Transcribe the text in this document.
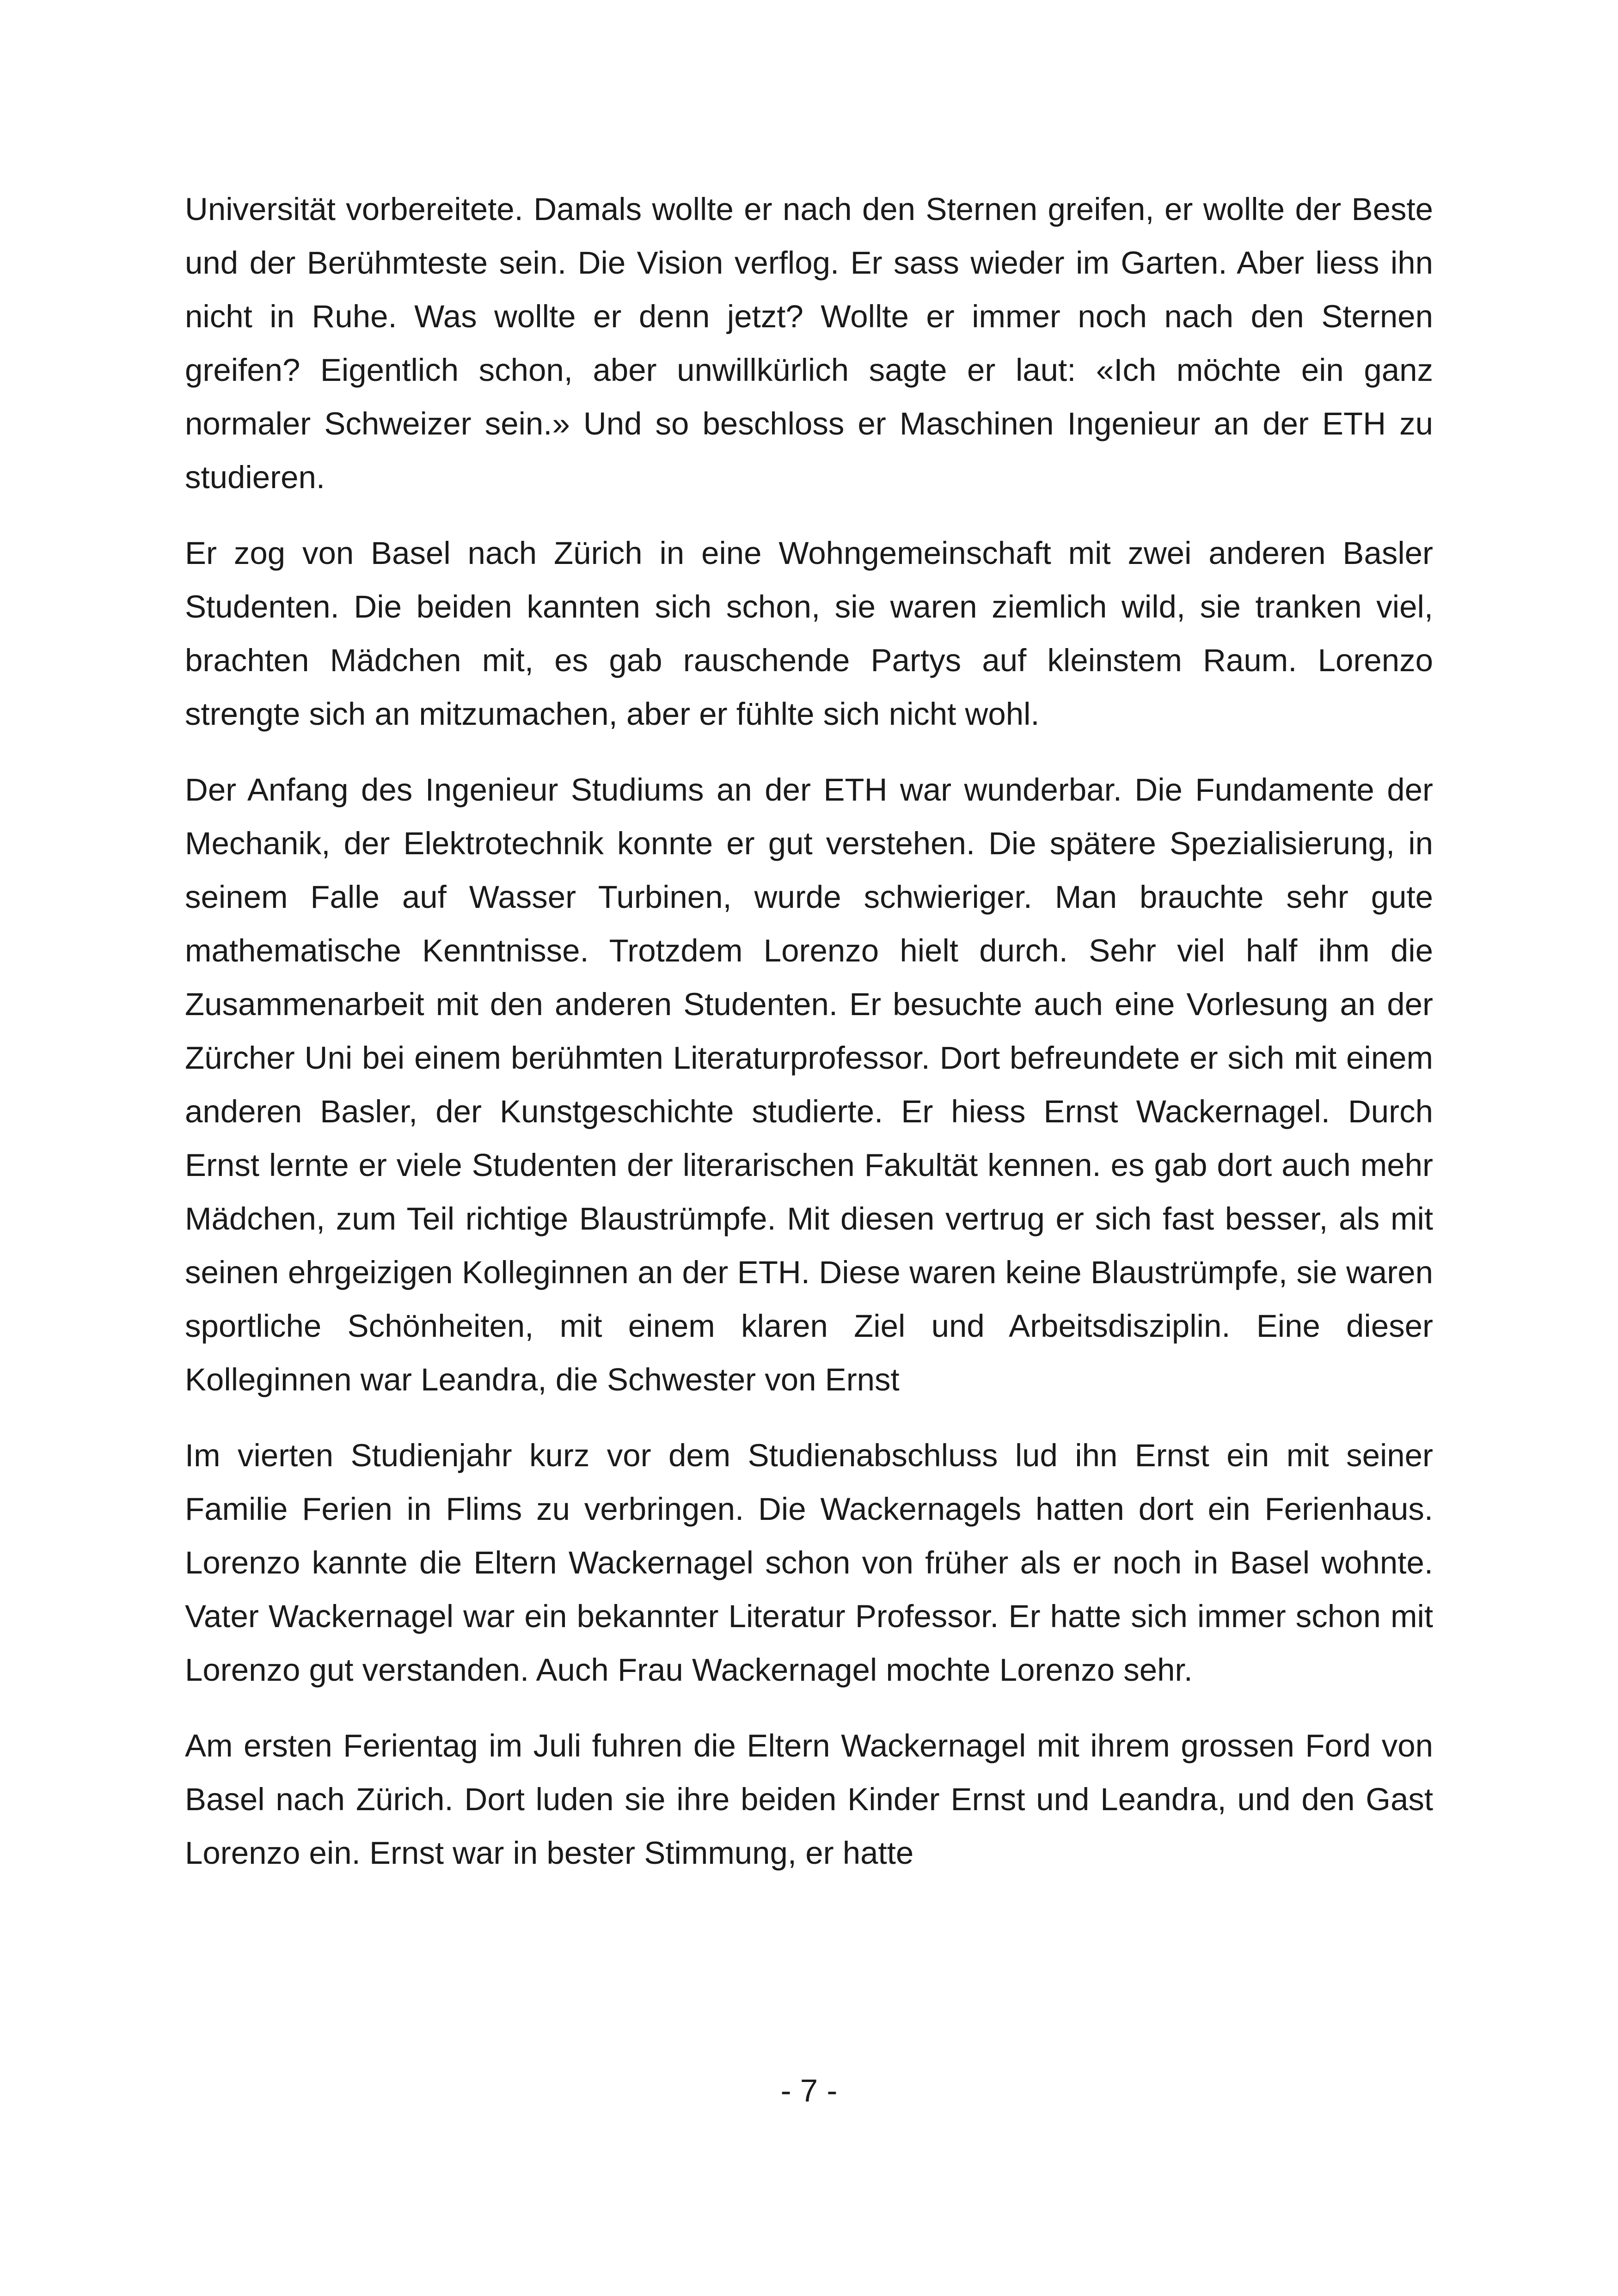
Universität vorbereitete. Damals wollte er nach den Sternen greifen, er wollte der Beste und der Berühmteste sein. Die Vision verflog. Er sass wieder im Garten. Aber liess ihn nicht in Ruhe. Was wollte er denn jetzt? Wollte er immer noch nach den Sternen greifen? Eigentlich schon, aber unwillkürlich sagte er laut: «Ich möchte ein ganz normaler Schweizer sein.» Und so beschloss er Maschinen Ingenieur an der ETH zu studieren.

Er zog von Basel nach Zürich in eine Wohngemeinschaft mit zwei anderen Basler Studenten. Die beiden kannten sich schon, sie waren ziemlich wild, sie tranken viel, brachten Mädchen mit, es gab rauschende Partys auf kleinstem Raum. Lorenzo strengte sich an mitzumachen, aber er fühlte sich nicht wohl.

Der Anfang des Ingenieur Studiums an der ETH war wunderbar. Die Fundamente der Mechanik, der Elektrotechnik konnte er gut verstehen. Die spätere Spezialisierung, in seinem Falle auf Wasser Turbinen, wurde schwieriger. Man brauchte sehr gute mathematische Kenntnisse. Trotzdem Lorenzo hielt durch. Sehr viel half ihm die Zusammenarbeit mit den anderen Studenten. Er besuchte auch eine Vorlesung an der Zürcher Uni bei einem berühmten Literaturprofessor. Dort befreundete er sich mit einem anderen Basler, der Kunstgeschichte studierte. Er hiess Ernst Wackernagel. Durch Ernst lernte er viele Studenten der literarischen Fakultät kennen. es gab dort auch mehr Mädchen, zum Teil richtige Blaustrümpfe. Mit diesen vertrug er sich fast besser, als mit seinen ehrgeizigen Kolleginnen an der ETH. Diese waren keine Blaustrümpfe, sie waren sportliche Schönheiten, mit einem klaren Ziel und Arbeitsdisziplin. Eine dieser Kolleginnen war Leandra, die Schwester von Ernst

Im vierten Studienjahr kurz vor dem Studienabschluss lud ihn Ernst ein mit seiner Familie Ferien in Flims zu verbringen. Die Wackernagels hatten dort ein Ferienhaus. Lorenzo kannte die Eltern Wackernagel schon von früher als er noch in Basel wohnte. Vater Wackernagel war ein bekannter Literatur Professor. Er hatte sich immer schon mit Lorenzo gut verstanden. Auch Frau Wackernagel mochte Lorenzo sehr.

Am ersten Ferientag im Juli fuhren die Eltern Wackernagel mit ihrem grossen Ford von Basel nach Zürich. Dort luden sie ihre beiden Kinder Ernst und Leandra, und den Gast Lorenzo ein. Ernst war in bester Stimmung, er hatte

- 7 -
